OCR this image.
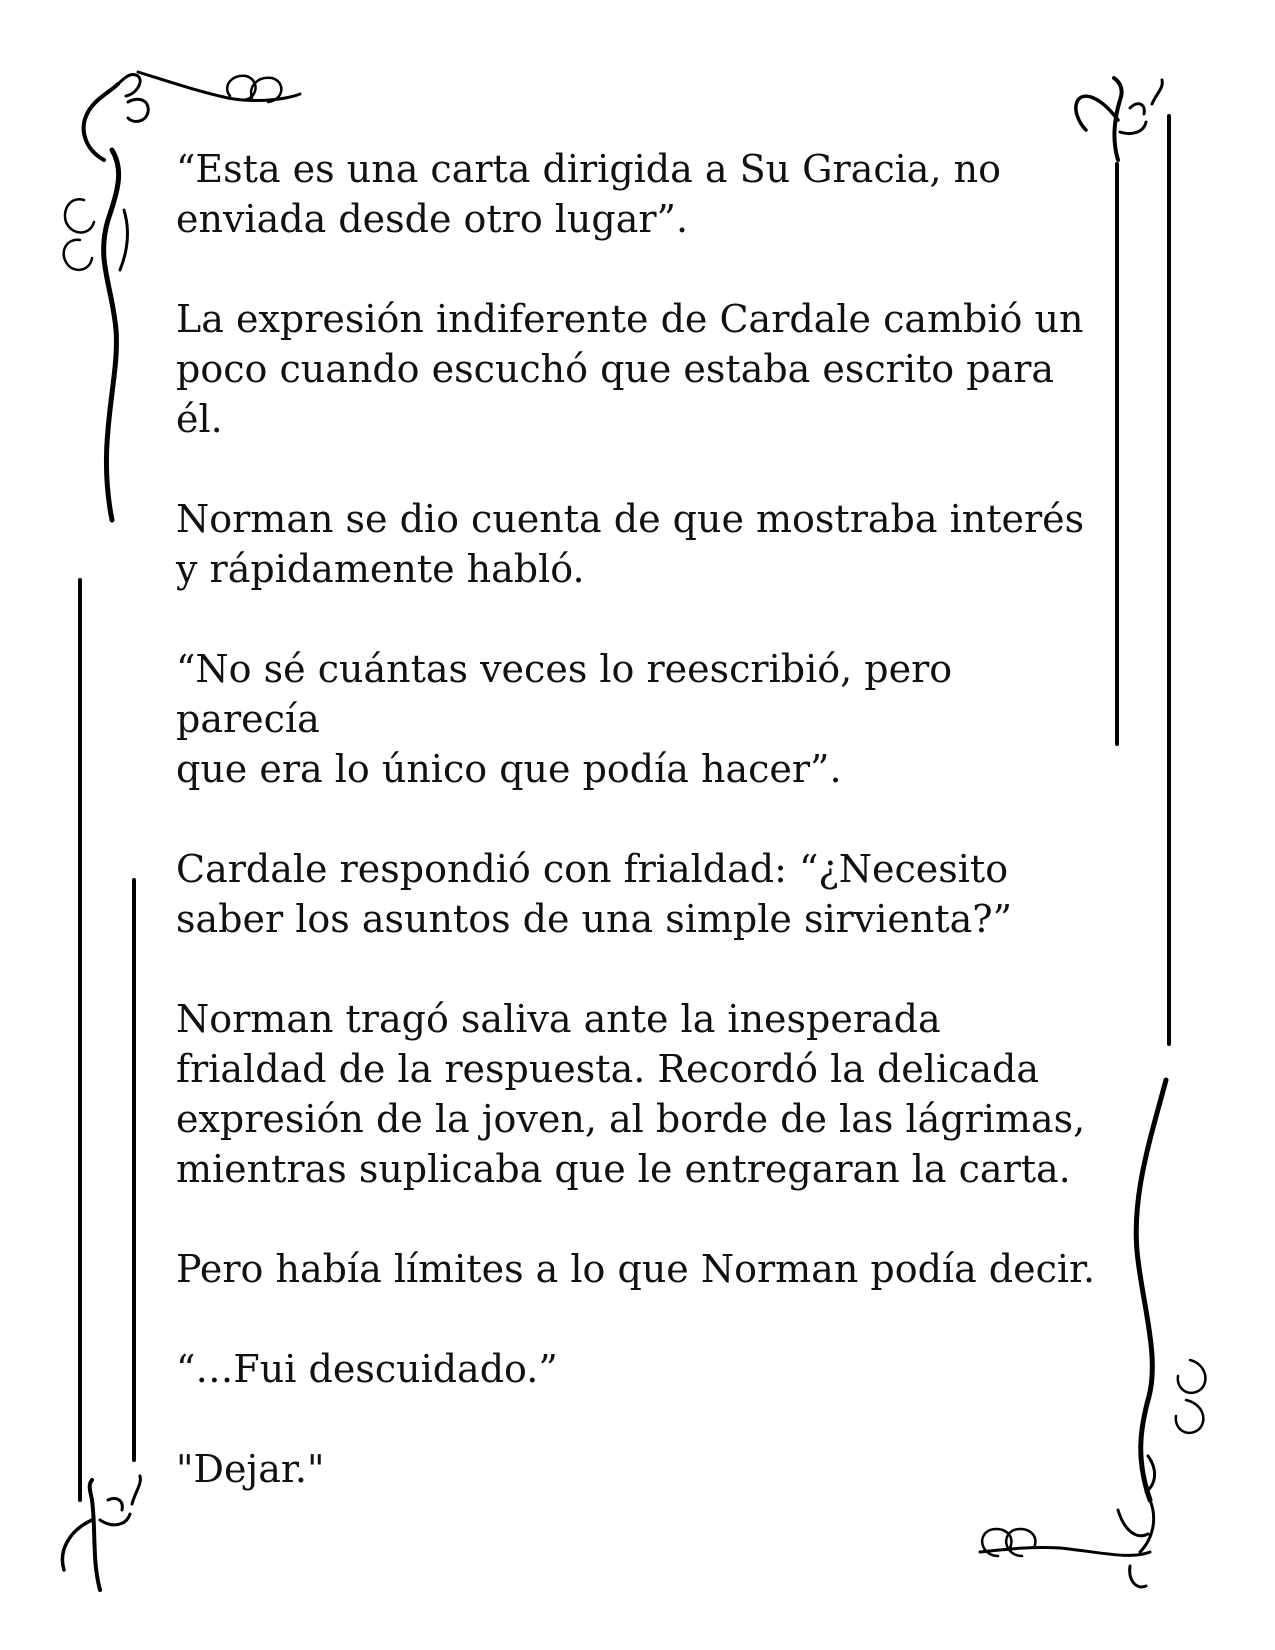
“Esta es una carta dirigida a Su Gracia, no
enviada desde otro lugar”.

La expresión indiferente de Cardale cambió un
poco cuando escuchó que estaba escrito para él.

Norman se dio cuenta de que mostraba interés
y rápidamente habló.

“No sé cuántas veces lo reescribió, pero parecía
que era lo único que podía hacer”.

Cardale respondió con frialdad: “¿Necesito
saber los asuntos de una simple sirvienta?”

Norman tragó saliva ante la inesperada
frialdad de la respuesta. Recordó la delicada
expresión de la joven, al borde de las lágrimas,
mientras suplicaba que le entregaran la carta.

Pero había límites a lo que Norman podía decir.

“…Fui descuidado.”

"Dejar."
